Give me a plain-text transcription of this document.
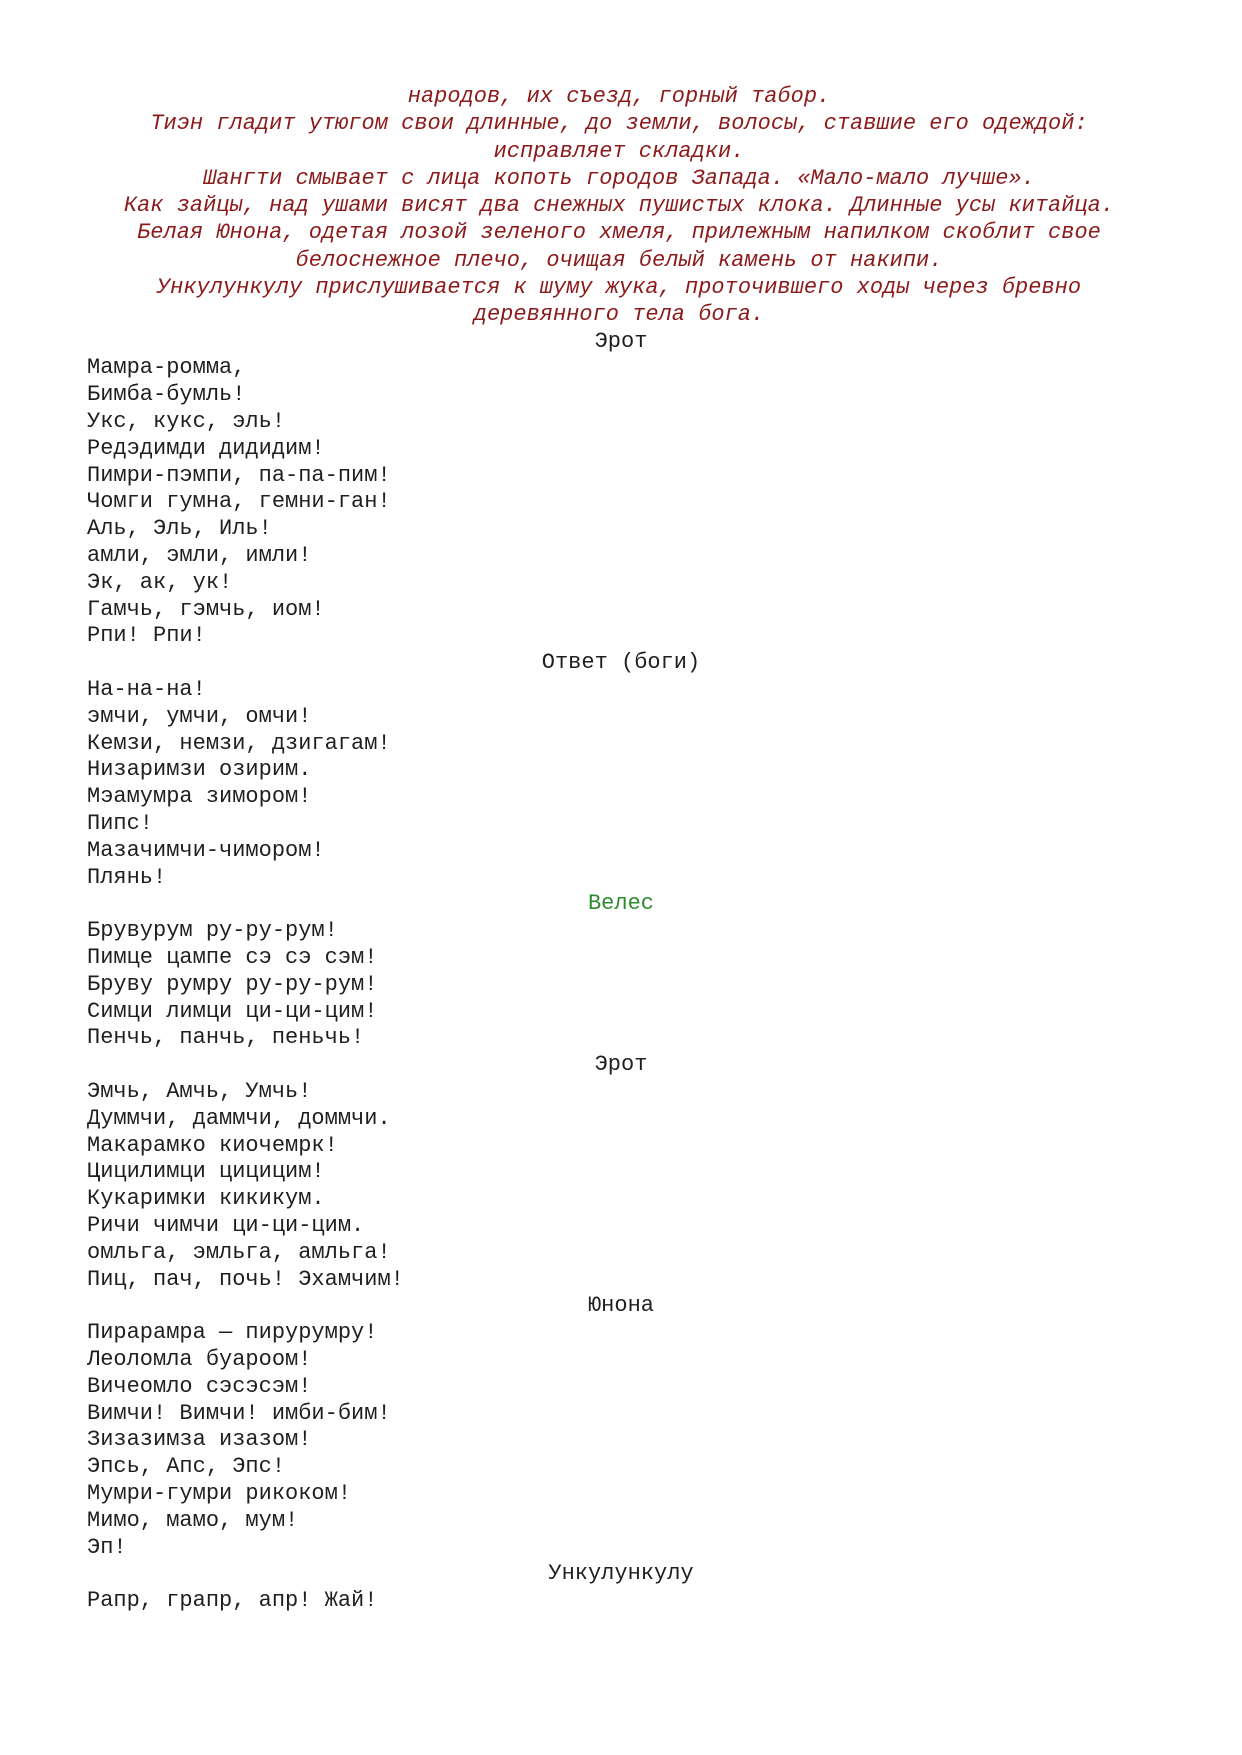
народов, их съезд, горный табор.

Тиэн гладит утюгом свои длинные, до земли, волосы, ставшие его одеждой: исправляет складки.

Шангти смывает с лица копоть городов Запада. «Мало-мало лучше».

Как зайцы, над ушами висят два снежных пушистых клока. Длинные усы китайца.

Белая Юнона, одетая лозой зеленого хмеля, прилежным напилком скоблит свое белоснежное плечо, очищая белый камень от накипи.

Ункулункулу прислушивается к шуму жука, проточившего ходы через бревно деревянного тела бога.

Эрот
Мамра-ромма,
Бимба-бумль!
Укс, кукс, эль!
Редэдимди дидидим!
Пимри-пэмпи, па-па-пим!
Чомги гумна, гемни-ган!
Аль, Эль, Иль!
амли, эмли, имли!
Эк, ак, ук!
Гамчь, гэмчь, иом!
Рпи! Рпи!
Ответ (боги)
На-на-на!
эмчи, умчи, омчи!
Кемзи, немзи, дзигагам!
Низаримзи озирим.
Мэамумра зимором!
Пипс!
Мазачимчи-чимором!
Плянь!
Велес
Брувурум ру-ру-рум!
Пимце цампе сэ сэ сэм!
Бруву румру ру-ру-рум!
Симци лимци ци-ци-цим!
Пенчь, панчь, пеньчь!
Эрот
Эмчь, Амчь, Умчь!
Думмчи, даммчи, доммчи.
Макарамко киочемрк!
Цицилимци цицицим!
Кукаримки кикикум.
Ричи чимчи ци-ци-цим.
омльга, эмльга, амльга!
Пиц, пач, почь! Эхамчим!
Юнона
Пирарамра — пирурумру!
Леоломла буароом!
Вичеомло сэсэсэм!
Вимчи! Вимчи! имби-бим!
Зизазимза изазом!
Эпсь, Апс, Эпс!
Мумри-гумри рикоком!
Мимо, мамо, мум!
Эп!
Ункулункулу
Рапр, грапр, апр! Жай!
